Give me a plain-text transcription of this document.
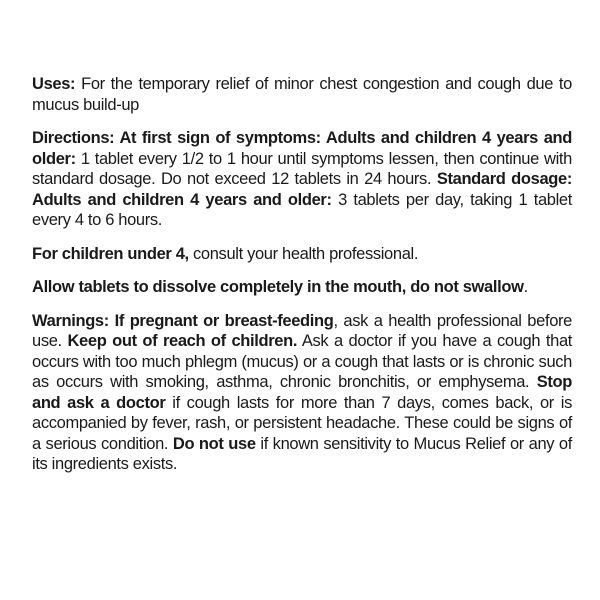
Uses: For the temporary relief of minor chest congestion and cough due to mucus build-up

Directions: At first sign of symptoms: Adults and children 4 years and older: 1 tablet every 1/2 to 1 hour until symptoms lessen, then continue with standard dosage. Do not exceed 12 tablets in 24 hours. Standard dosage: Adults and children 4 years and older: 3 tablets per day, taking 1 tablet every 4 to 6 hours.

For children under 4, consult your health professional.

Allow tablets to dissolve completely in the mouth, do not swallow.

Warnings: If pregnant or breast-feeding, ask a health professional before use. Keep out of reach of children. Ask a doctor if you have a cough that occurs with too much phlegm (mucus) or a cough that lasts or is chronic such as occurs with smoking, asthma, chronic bronchitis, or emphysema. Stop and ask a doctor if cough lasts for more than 7 days, comes back, or is accompanied by fever, rash, or persistent headache. These could be signs of a serious condition. Do not use if known sensitivity to Mucus Relief or any of its ingredients exists.
